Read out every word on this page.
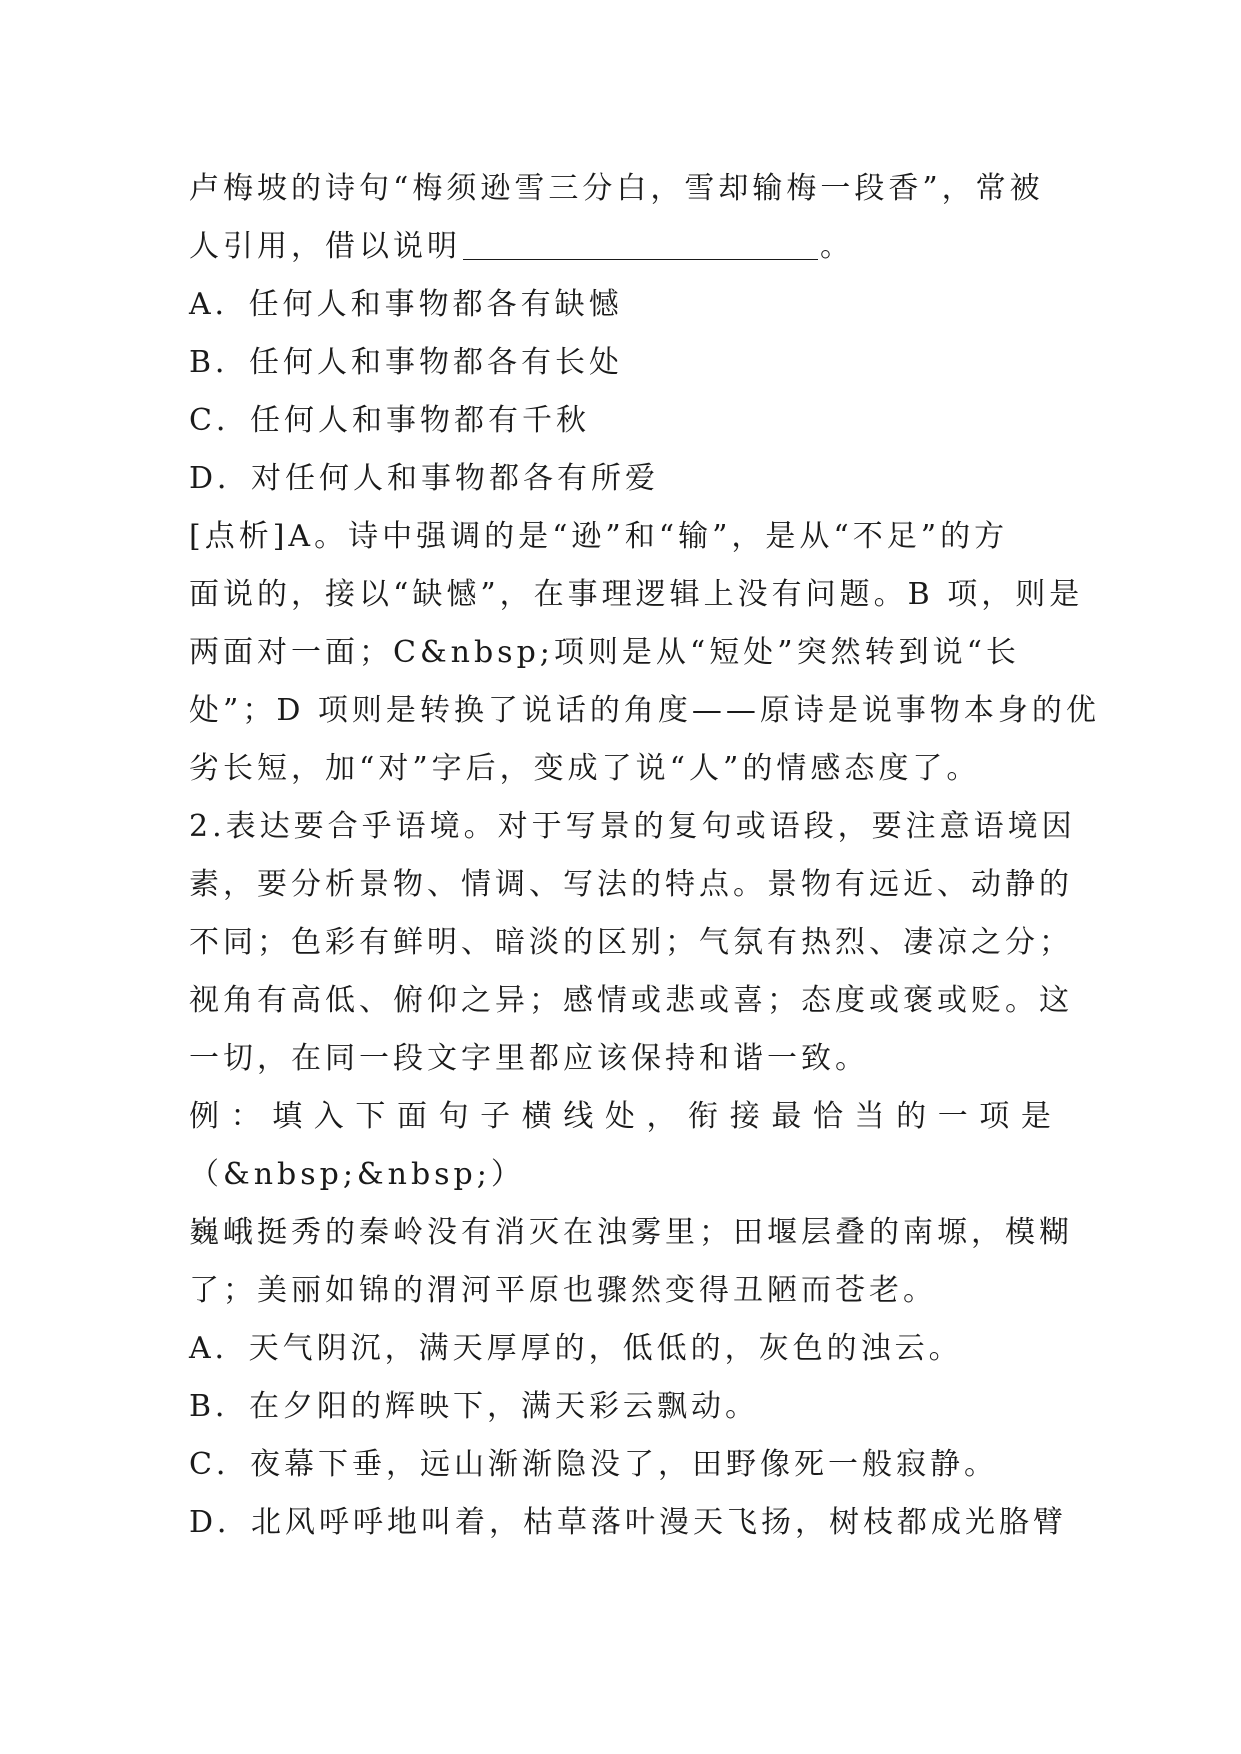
卢梅坡的诗句“梅须逊雪三分白，雪却输梅一段香”，常被

人引用，借以说明	。

A．任何人和事物都各有缺憾

B．任何人和事物都各有长处

C．任何人和事物都有千秋

D．对任何人和事物都各有所爱

[点析]A。诗中强调的是“逊”和“输”，是从“不足”的方

面说的，接以“缺憾”，在事理逻辑上没有问题。B 项，则是

两面对一面；C&nbsp;项则是从“短处”突然转到说“长

处”；D 项则是转换了说话的角度——原诗是说事物本身的优

劣长短，加“对”字后，变成了说“人”的情感态度了。

2.表达要合乎语境。对于写景的复句或语段，要注意语境因

素，要分析景物、情调、写法的特点。景物有远近、动静的

不同；色彩有鲜明、暗淡的区别；气氛有热烈、凄凉之分；

视角有高低、俯仰之异；感情或悲或喜；态度或褒或贬。这

一切，在同一段文字里都应该保持和谐一致。

例 ： 填 入 下 面 句 子 横 线 处 ， 衔 接 最 恰 当 的 一 项 是

（&nbsp;&nbsp;）

巍峨挺秀的秦岭没有消灭在浊雾里；田堰层叠的南塬，模糊

了；美丽如锦的渭河平原也骤然变得丑陋而苍老。

A．天气阴沉，满天厚厚的，低低的，灰色的浊云。

B．在夕阳的辉映下，满天彩云飘动。

C．夜幕下垂，远山渐渐隐没了，田野像死一般寂静。

D．北风呼呼地叫着，枯草落叶漫天飞扬，树枝都成光胳臂
